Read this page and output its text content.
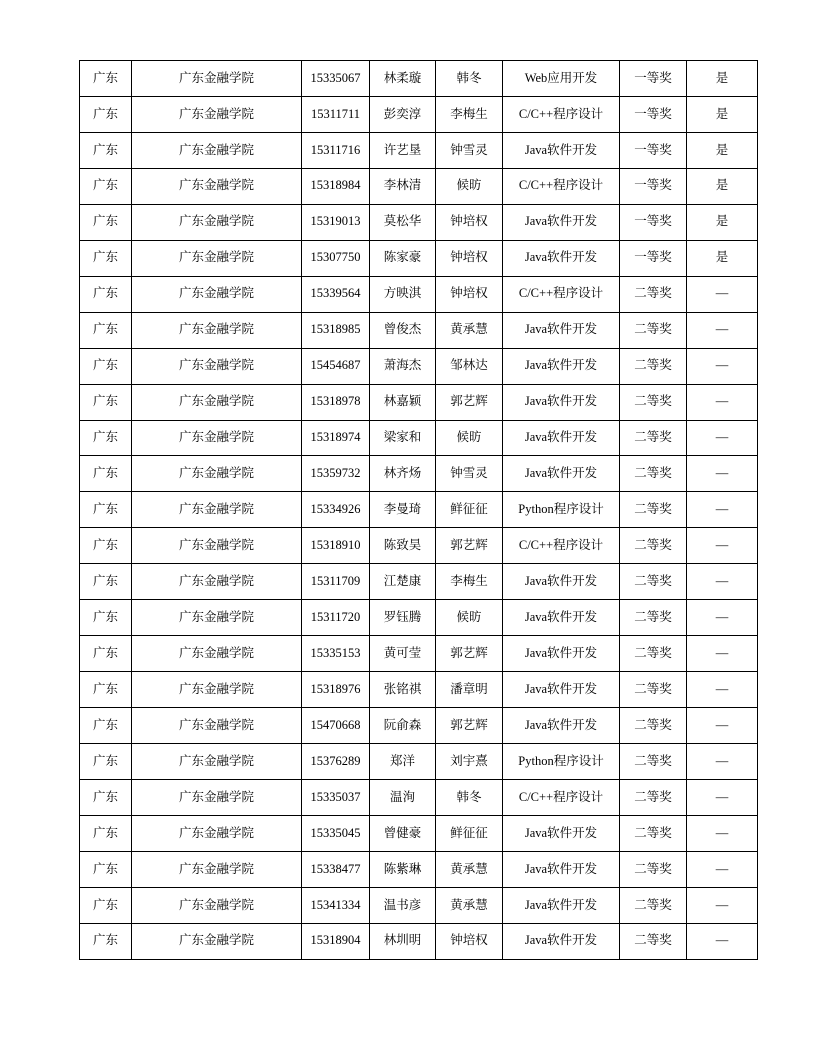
广东	广东金融学院	15335067	林柔璇	韩冬	Web应用开发	一等奖	是
广东	广东金融学院	15311711	彭奕淳	李梅生	C/C++程序设计	一等奖	是
广东	广东金融学院	15311716	许艺垦	钟雪灵	Java软件开发	一等奖	是
广东	广东金融学院	15318984	李林清	候昉	C/C++程序设计	一等奖	是
广东	广东金融学院	15319013	莫松华	钟培权	Java软件开发	一等奖	是
广东	广东金融学院	15307750	陈家豪	钟培权	Java软件开发	一等奖	是
广东	广东金融学院	15339564	方映淇	钟培权	C/C++程序设计	二等奖	—
广东	广东金融学院	15318985	曾俊杰	黄承慧	Java软件开发	二等奖	—
广东	广东金融学院	15454687	萧海杰	邹林达	Java软件开发	二等奖	—
广东	广东金融学院	15318978	林嘉颖	郭艺辉	Java软件开发	二等奖	—
广东	广东金融学院	15318974	梁家和	候昉	Java软件开发	二等奖	—
广东	广东金融学院	15359732	林齐炀	钟雪灵	Java软件开发	二等奖	—
广东	广东金融学院	15334926	李曼琦	鲜征征	Python程序设计	二等奖	—
广东	广东金融学院	15318910	陈致昊	郭艺辉	C/C++程序设计	二等奖	—
广东	广东金融学院	15311709	江楚康	李梅生	Java软件开发	二等奖	—
广东	广东金融学院	15311720	罗钰腾	候昉	Java软件开发	二等奖	—
广东	广东金融学院	15335153	黄可莹	郭艺辉	Java软件开发	二等奖	—
广东	广东金融学院	15318976	张铭祺	潘章明	Java软件开发	二等奖	—
广东	广东金融学院	15470668	阮俞森	郭艺辉	Java软件开发	二等奖	—
广东	广东金融学院	15376289	郑洋	刘宇熹	Python程序设计	二等奖	—
广东	广东金融学院	15335037	温洵	韩冬	C/C++程序设计	二等奖	—
广东	广东金融学院	15335045	曾健豪	鲜征征	Java软件开发	二等奖	—
广东	广东金融学院	15338477	陈紫琳	黄承慧	Java软件开发	二等奖	—
广东	广东金融学院	15341334	温书彦	黄承慧	Java软件开发	二等奖	—
广东	广东金融学院	15318904	林圳明	钟培权	Java软件开发	二等奖	—
